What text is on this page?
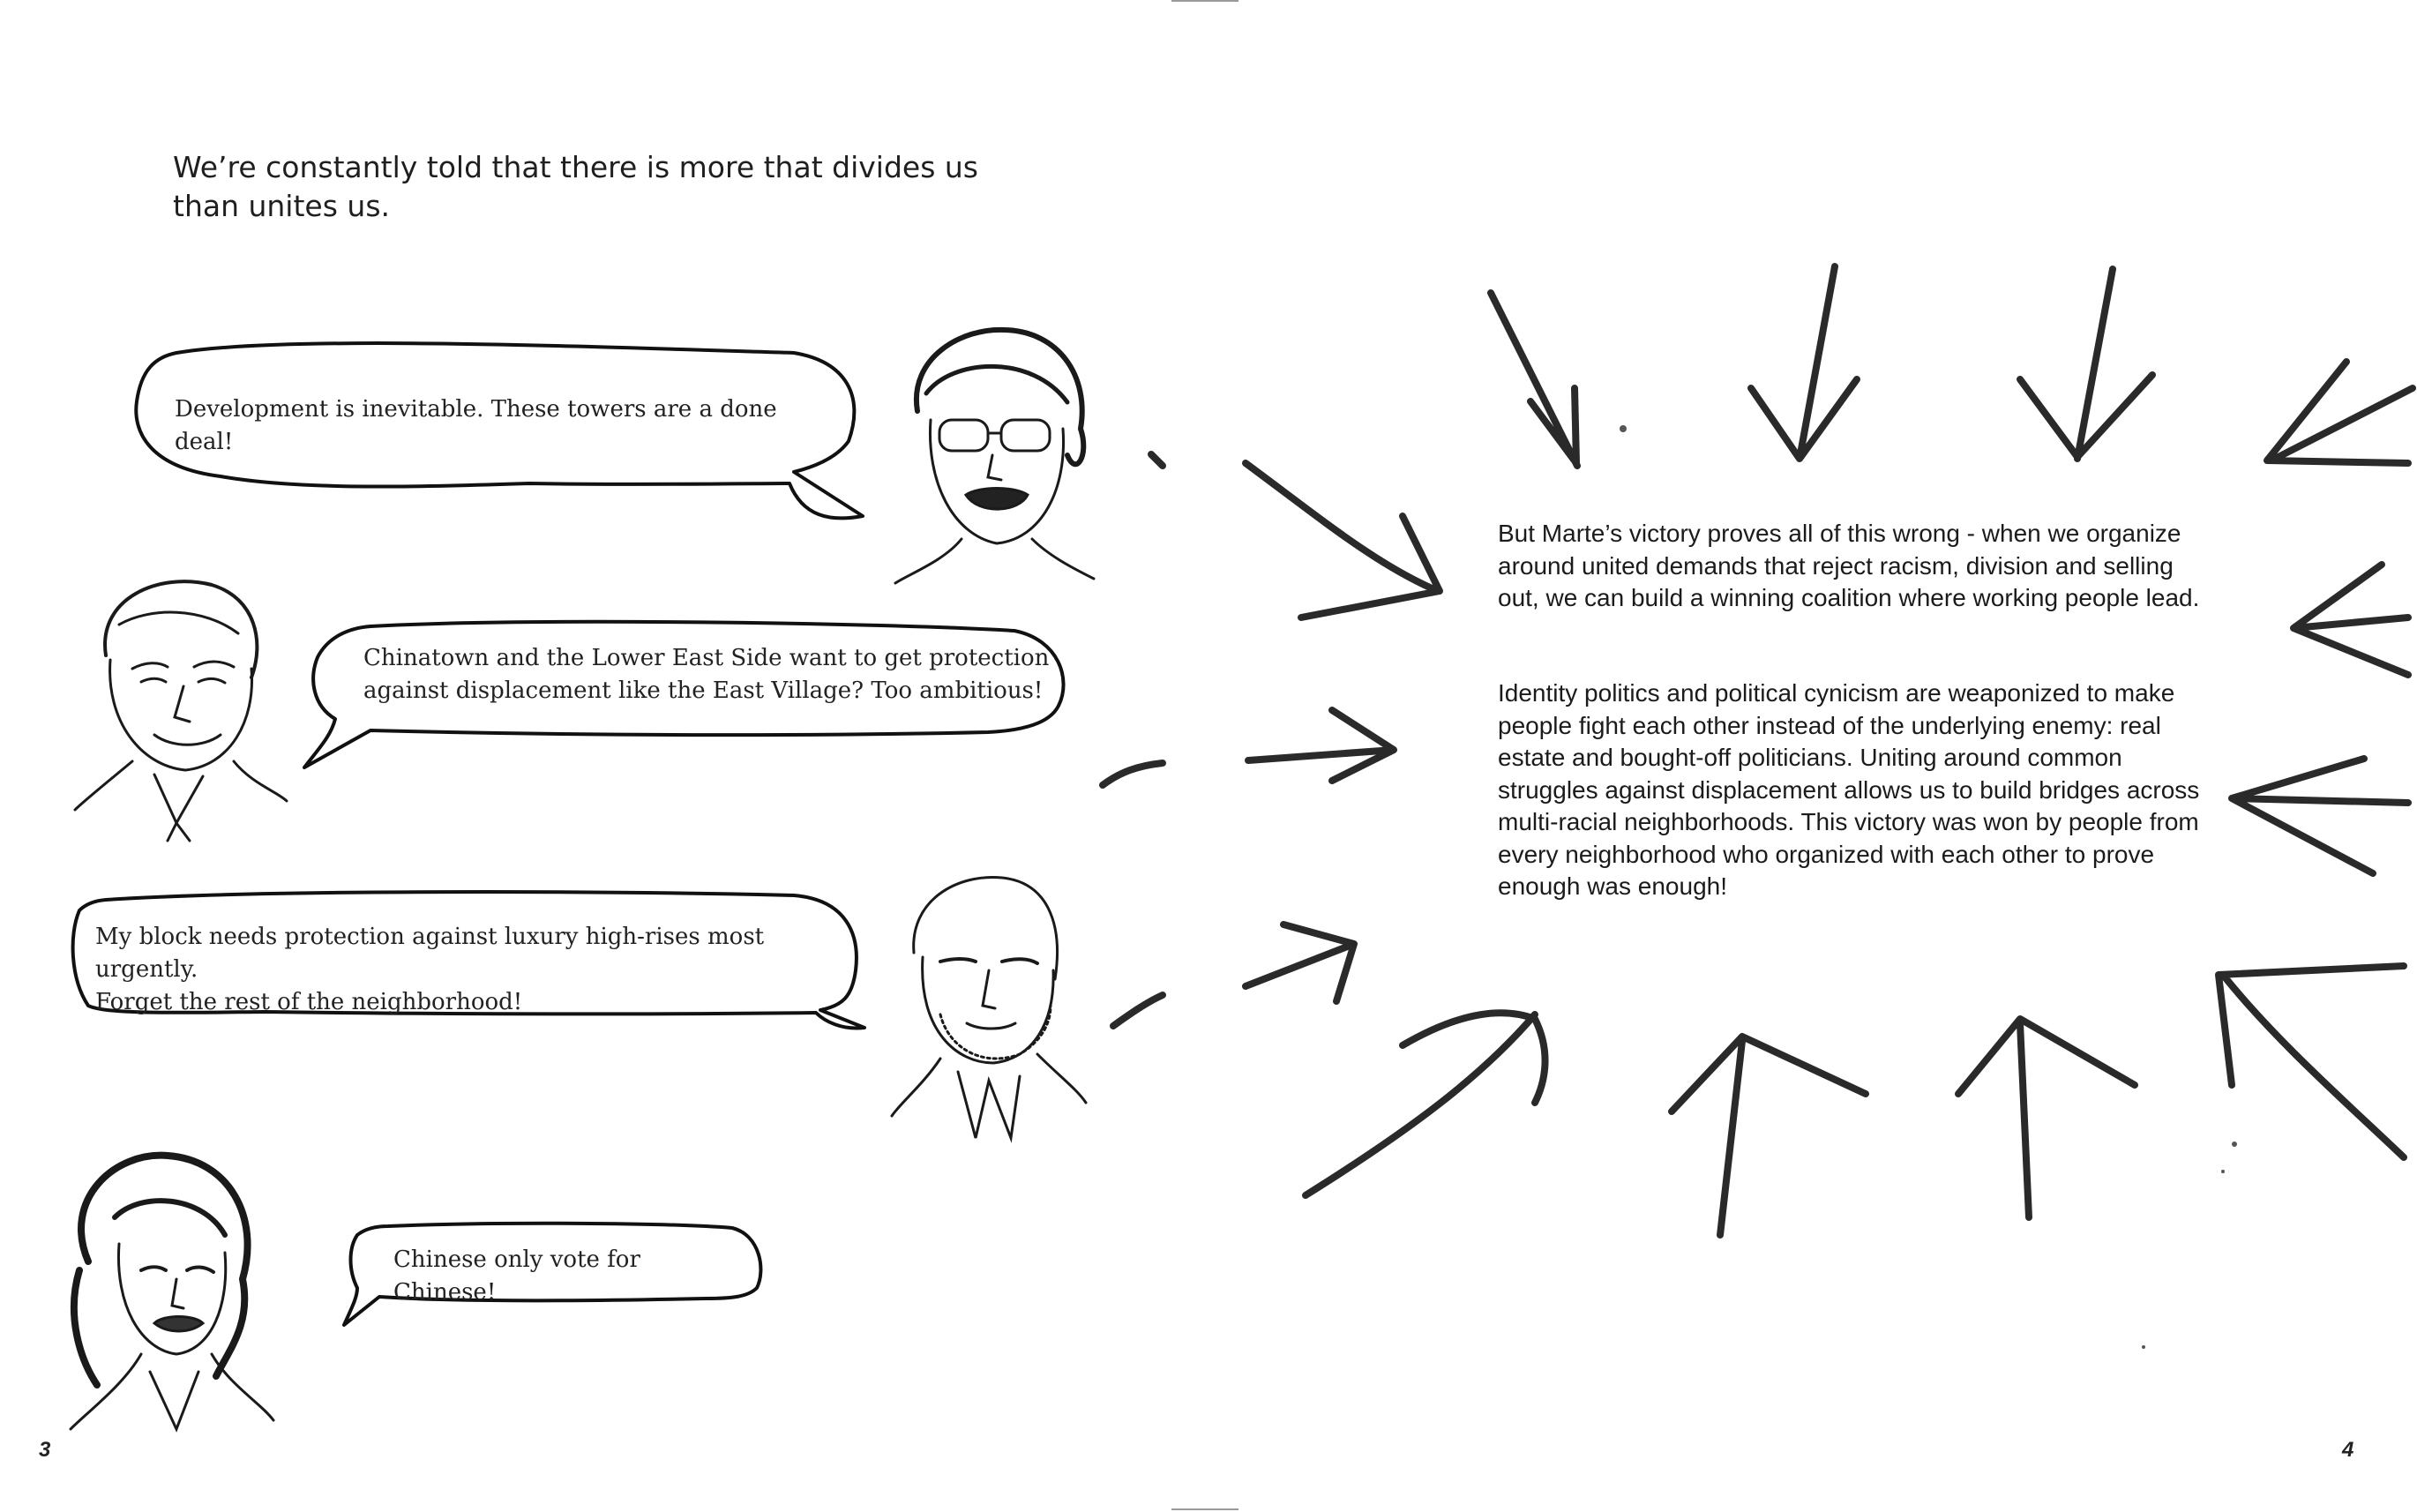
We’re constantly told that there is more that divides us
than unites us.
Development is inevitable. These towers are a done deal!
Chinatown and the Lower East Side want to get protection
against displacement like the East Village? Too ambitious!
My block needs protection against luxury high-rises most urgently.
Forget the rest of the neighborhood!
Chinese only vote for Chinese!
3
But Marte’s victory proves all of this wrong - when we organize around united demands that reject racism, division and selling out, we can build a winning coalition where working people lead.
Identity politics and political cynicism are weaponized to make people fight each other instead of the underlying enemy: real estate and bought-off politicians. Uniting around common struggles against displacement allows us to build bridges across multi-racial neighborhoods. This victory was won by people from every neighborhood who organized with each other to prove enough was enough!
4
